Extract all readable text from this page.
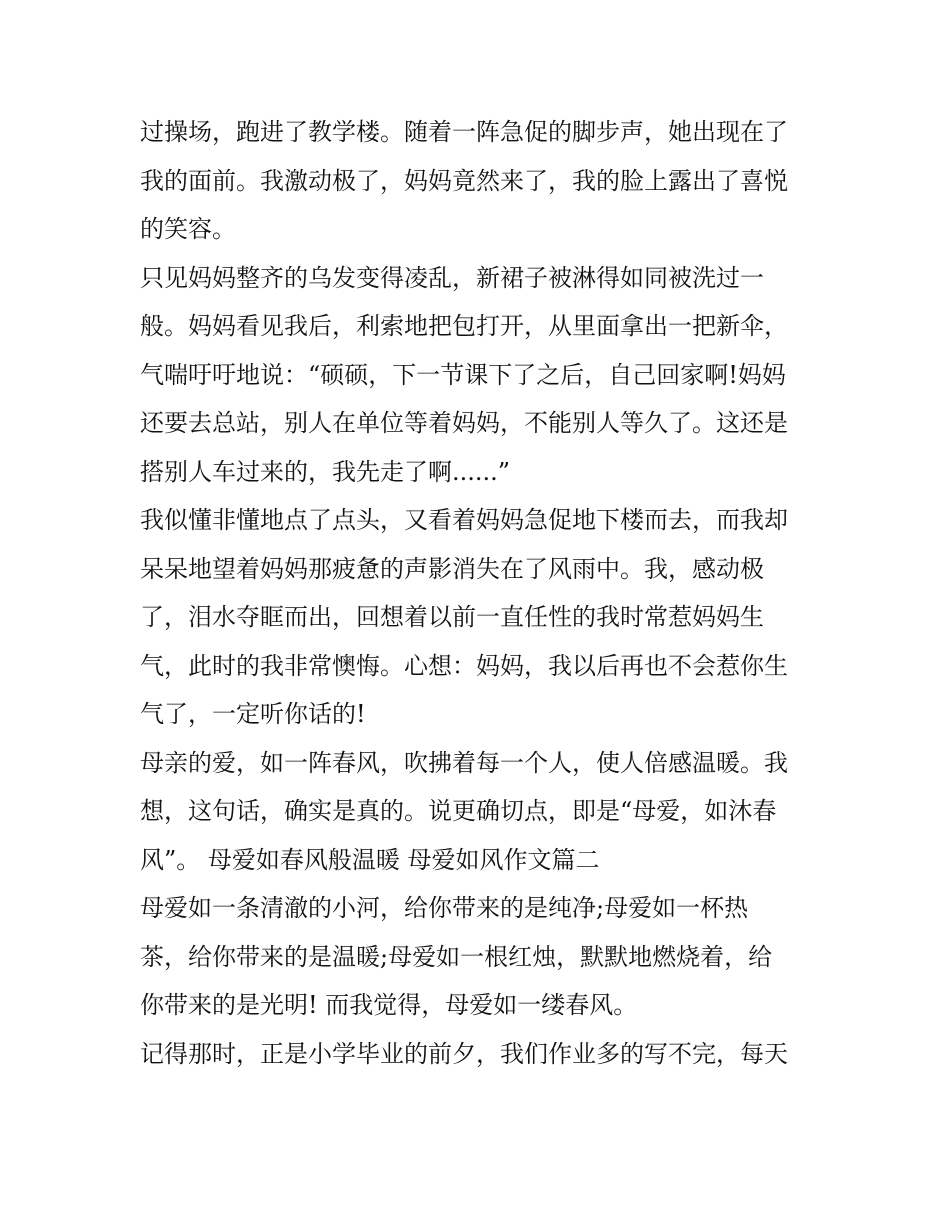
过操场，跑进了教学楼。随着一阵急促的脚步声，她出现在了
我的面前。我激动极了，妈妈竟然来了，我的脸上露出了喜悦
的笑容。
只见妈妈整齐的乌发变得凌乱，新裙子被淋得如同被洗过一
般。妈妈看见我后，利索地把包打开，从里面拿出一把新伞，
气喘吁吁地说：“硕硕，下一节课下了之后，自己回家啊!妈妈
还要去总站，别人在单位等着妈妈，不能别人等久了。这还是
搭别人车过来的，我先走了啊......”
我似懂非懂地点了点头，又看着妈妈急促地下楼而去，而我却
呆呆地望着妈妈那疲惫的声影消失在了风雨中。我，感动极
了，泪水夺眶而出，回想着以前一直任性的我时常惹妈妈生
气，此时的我非常懊悔。心想：妈妈，我以后再也不会惹你生
气了，一定听你话的!
母亲的爱，如一阵春风，吹拂着每一个人，使人倍感温暖。我
想，这句话，确实是真的。说更确切点，即是“母爱，如沐春
风”。 母爱如春风般温暖 母爱如风作文篇二
母爱如一条清澈的小河，给你带来的是纯净;母爱如一杯热
茶，给你带来的是温暖;母爱如一根红烛，默默地燃烧着，给
你带来的是光明! 而我觉得，母爱如一缕春风。
记得那时，正是小学毕业的前夕，我们作业多的写不完，每天
